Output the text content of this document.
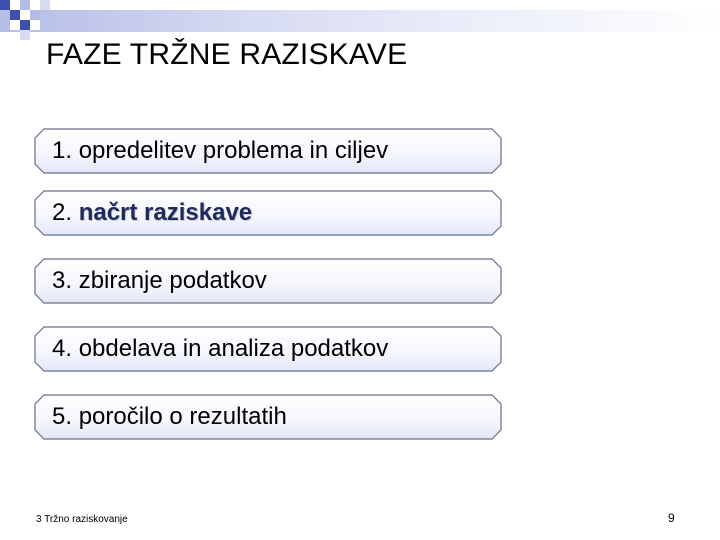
FAZE TRŽNE RAZISKAVE
1. opredelitev problema in ciljev
2. načrt raziskave
3. zbiranje podatkov
4. obdelava in analiza podatkov
5. poročilo o rezultatih
3 Tržno raziskovanje	9
